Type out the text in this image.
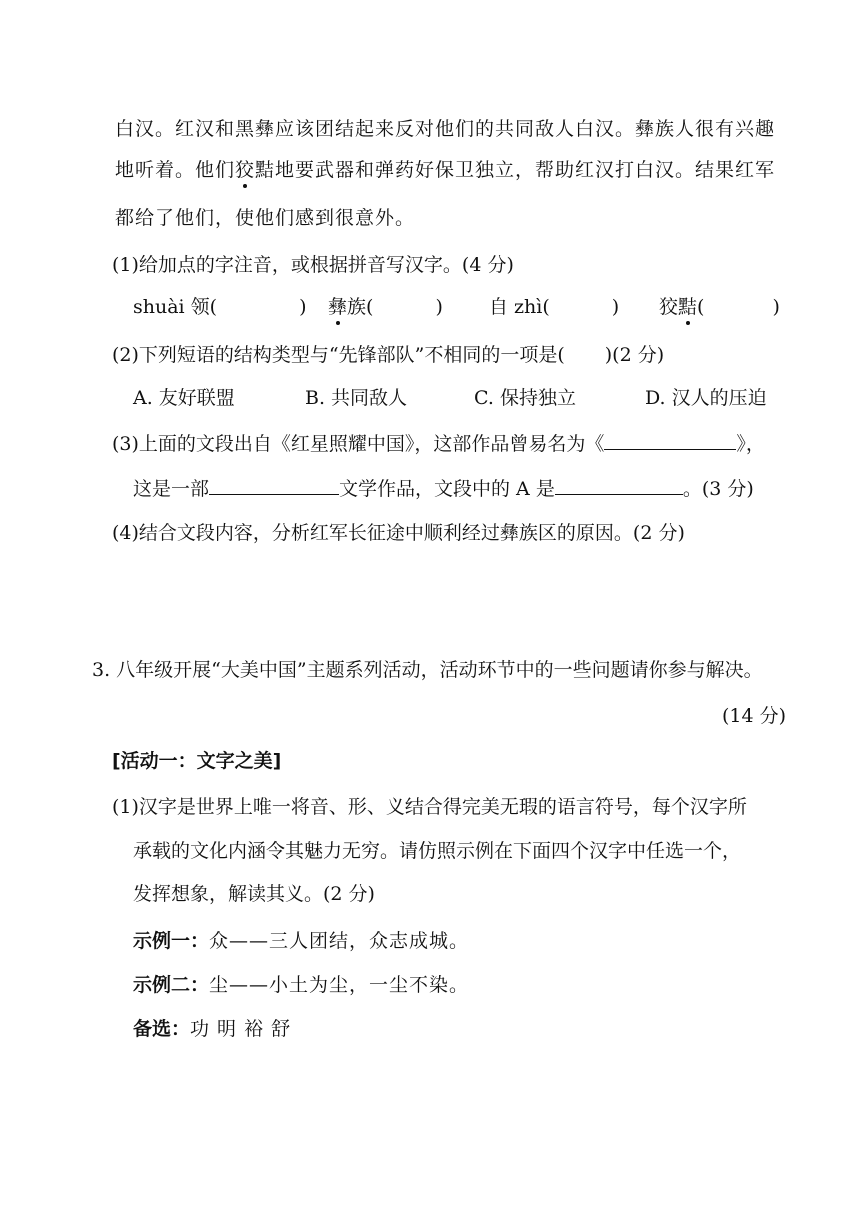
白汉。红汉和黑彝应该团结起来反对他们的共同敌人白汉。彝族人很有兴趣
地听着。他们狡黠地要武器和弹药好保卫独立，帮助红汉打白汉。结果红军
都给了他们，使他们感到很意外。
(1)给加点的字注音，或根据拼音写汉字。(4 分)
shuài 领(	) 彝族(	) 自 zhì(	) 狡黠(	)
(2)下列短语的结构类型与“先锋部队”不相同的一项是( )(2 分)
A. 友好联盟	B. 共同敌人	C. 保持独立	D. 汉人的压迫
(3)上面的文段出自《红星照耀中国》，这部作品曾易名为《	》，
这是一部	文学作品，文段中的 A 是	。(3 分)
(4)结合文段内容，分析红军长征途中顺利经过彝族区的原因。(2 分)
3. 八年级开展“大美中国”主题系列活动，活动环节中的一些问题请你参与解决。
(14 分)
[活动一：文字之美]
(1)汉字是世界上唯一将音、形、义结合得完美无瑕的语言符号，每个汉字所
承载的文化内涵令其魅力无穷。请仿照示例在下面四个汉字中任选一个，
发挥想象，解读其义。(2 分)
示例一：众——三人团结，众志成城。
示例二：尘——小土为尘，一尘不染。
备选：功 明 裕 舒
